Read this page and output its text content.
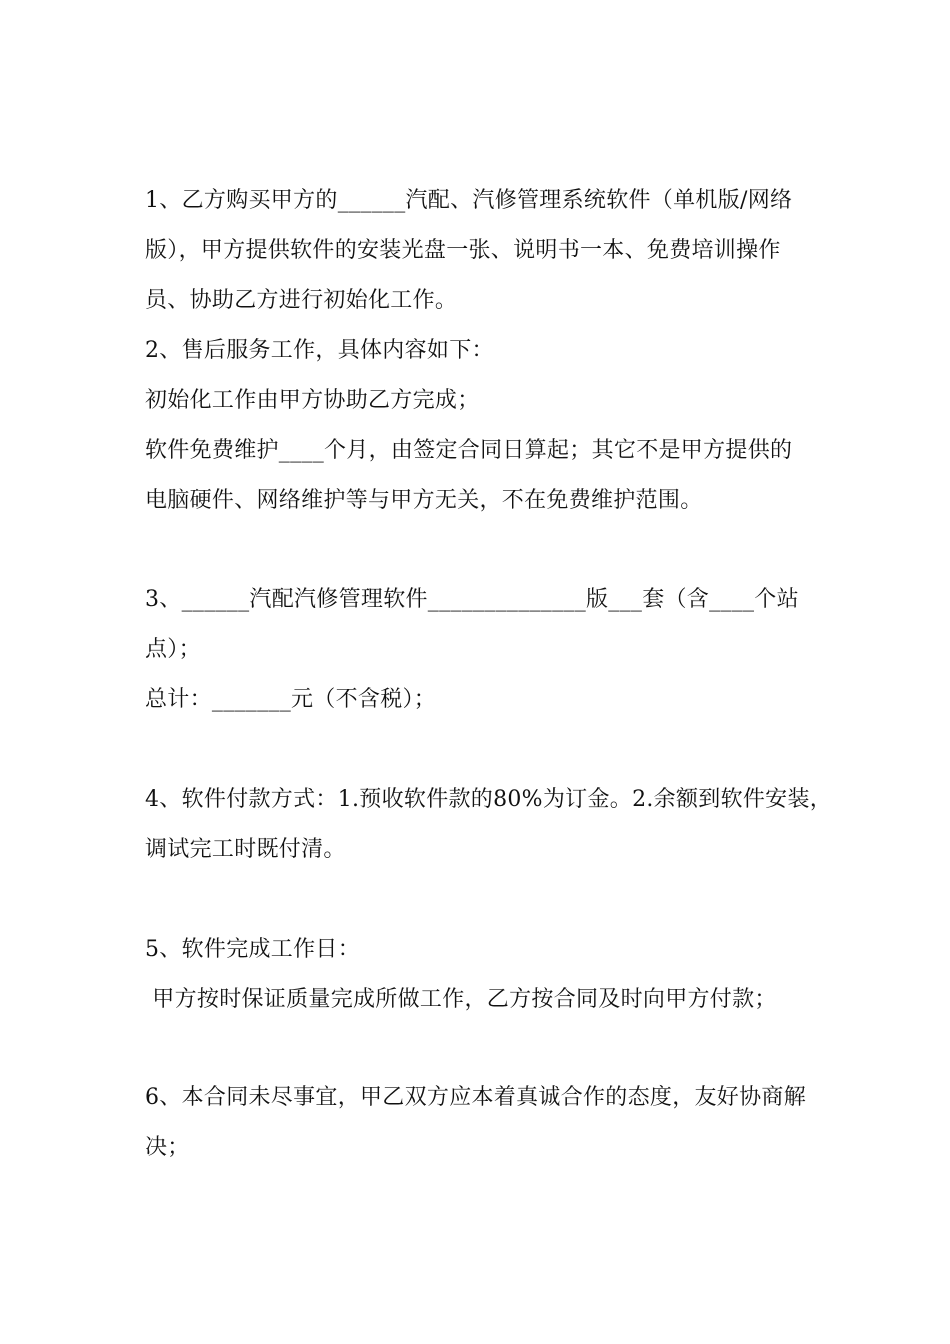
1、乙方购买甲方的______汽配、汽修管理系统软件（单机版/网络
版），甲方提供软件的安装光盘一张、说明书一本、免费培训操作
员、协助乙方进行初始化工作。
2、售后服务工作，具体内容如下：
初始化工作由甲方协助乙方完成；
软件免费维护____个月，由签定合同日算起；其它不是甲方提供的
电脑硬件、网络维护等与甲方无关，不在免费维护范围。
3、______汽配汽修管理软件______________版___套（含____个站
点）；
总计：_______元（不含税）；
4、软件付款方式：1.预收软件款的80%为订金。2.余额到软件安装，
调试完工时既付清。
5、软件完成工作日：
甲方按时保证质量完成所做工作，乙方按合同及时向甲方付款；
6、本合同未尽事宜，甲乙双方应本着真诚合作的态度，友好协商解
决；
